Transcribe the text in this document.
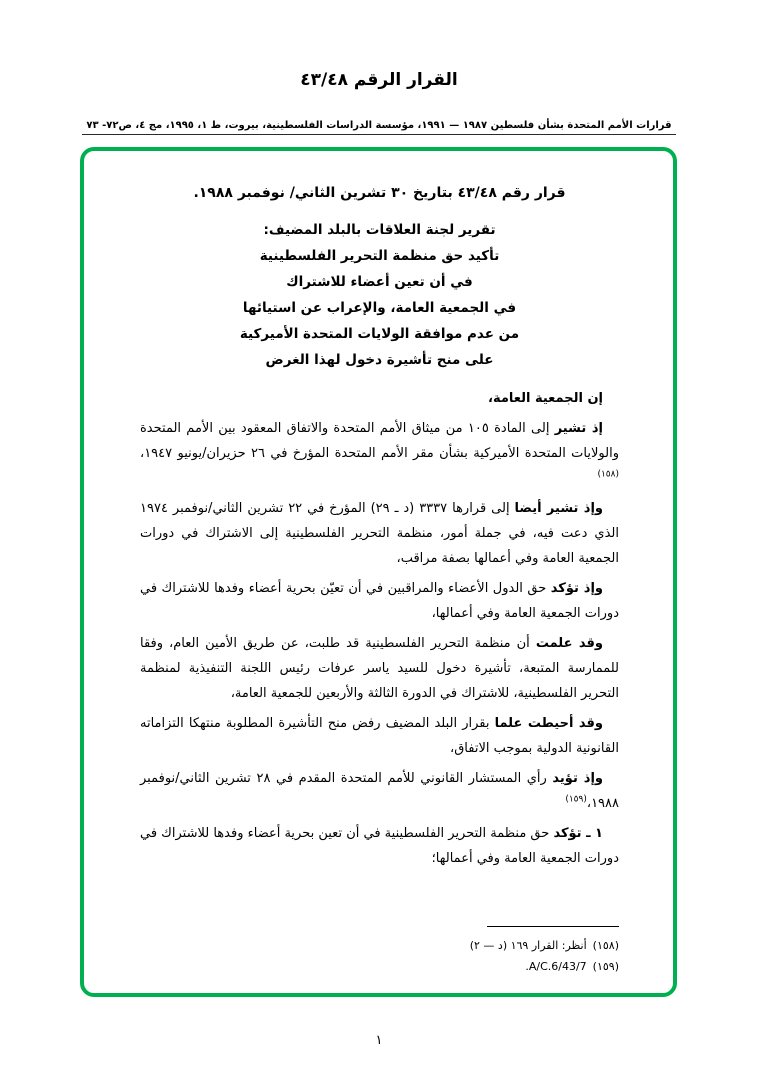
القرار الرقم ٤٣/٤٨

قرارات الأمم المتحدة بشأن فلسطين ١٩٨٧ — ١٩٩١، مؤسسة الدراسات الفلسطينية، بيروت، ط ١، ١٩٩٥، مج ٤، ص٧٢- ٧٣
قرار رقم ٤٣/٤٨ بتاريخ ٣٠ تشرين الثاني/ نوفمبر ١٩٨٨.
تقرير لجنة العلاقات بالبلد المضيف:
تأكيد حق منظمة التحرير الفلسطينية
في أن تعين أعضاء للاشتراك
في الجمعية العامة، والإعراب عن استيائها
من عدم موافقة الولايات المتحدة الأميركية
على منح تأشيرة دخول لهذا الغرض

إن الجمعية العامة،

إذ تشير إلى المادة ١٠٥ من ميثاق الأمم المتحدة والاتفاق المعقود بين الأمم المتحدة والولايات المتحدة الأميركية بشأن مقر الأمم المتحدة المؤرخ في ٢٦ حزيران/يونيو ١٩٤٧،$^{(١٥٨)}$

وإذ تشير أيضا إلى قرارها ٣٣٣٧ (د ـ ٢٩) المؤرخ في ٢٢ تشرين الثاني/نوفمبر ١٩٧٤ الذي دعت فيه، في جملة أمور، منظمة التحرير الفلسطينية إلى الاشتراك في دورات الجمعية العامة وفي أعمالها بصفة مراقب،

وإذ تؤكد حق الدول الأعضاء والمراقبين في أن تعيّن بحرية أعضاء وفدها للاشتراك في دورات الجمعية العامة وفي أعمالها،

وقد علمت أن منظمة التحرير الفلسطينية قد طلبت، عن طريق الأمين العام، وفقا للممارسة المتبعة، تأشيرة دخول للسيد ياسر عرفات رئيس اللجنة التنفيذية لمنظمة التحرير الفلسطينية، للاشتراك في الدورة الثالثة والأربعين للجمعية العامة،

وقد أحيطت علما بقرار البلد المضيف رفض منح التأشيرة المطلوبة منتهكا التزاماته القانونية الدولية بموجب الاتفاق،

وإذ تؤيد رأي المستشار القانوني للأمم المتحدة المقدم في ٢٨ تشرين الثاني/نوفمبر ١٩٨٨،$^{(١٥٩)}$

١ ـ تؤكد حق منظمة التحرير الفلسطينية في أن تعين بحرية أعضاء وفدها للاشتراك في دورات الجمعية العامة وفي أعمالها؛

(١٥٨)أنظر: القرار ١٦٩ (د — ٢)
(١٥٩)A/C.6/43/7.
١
